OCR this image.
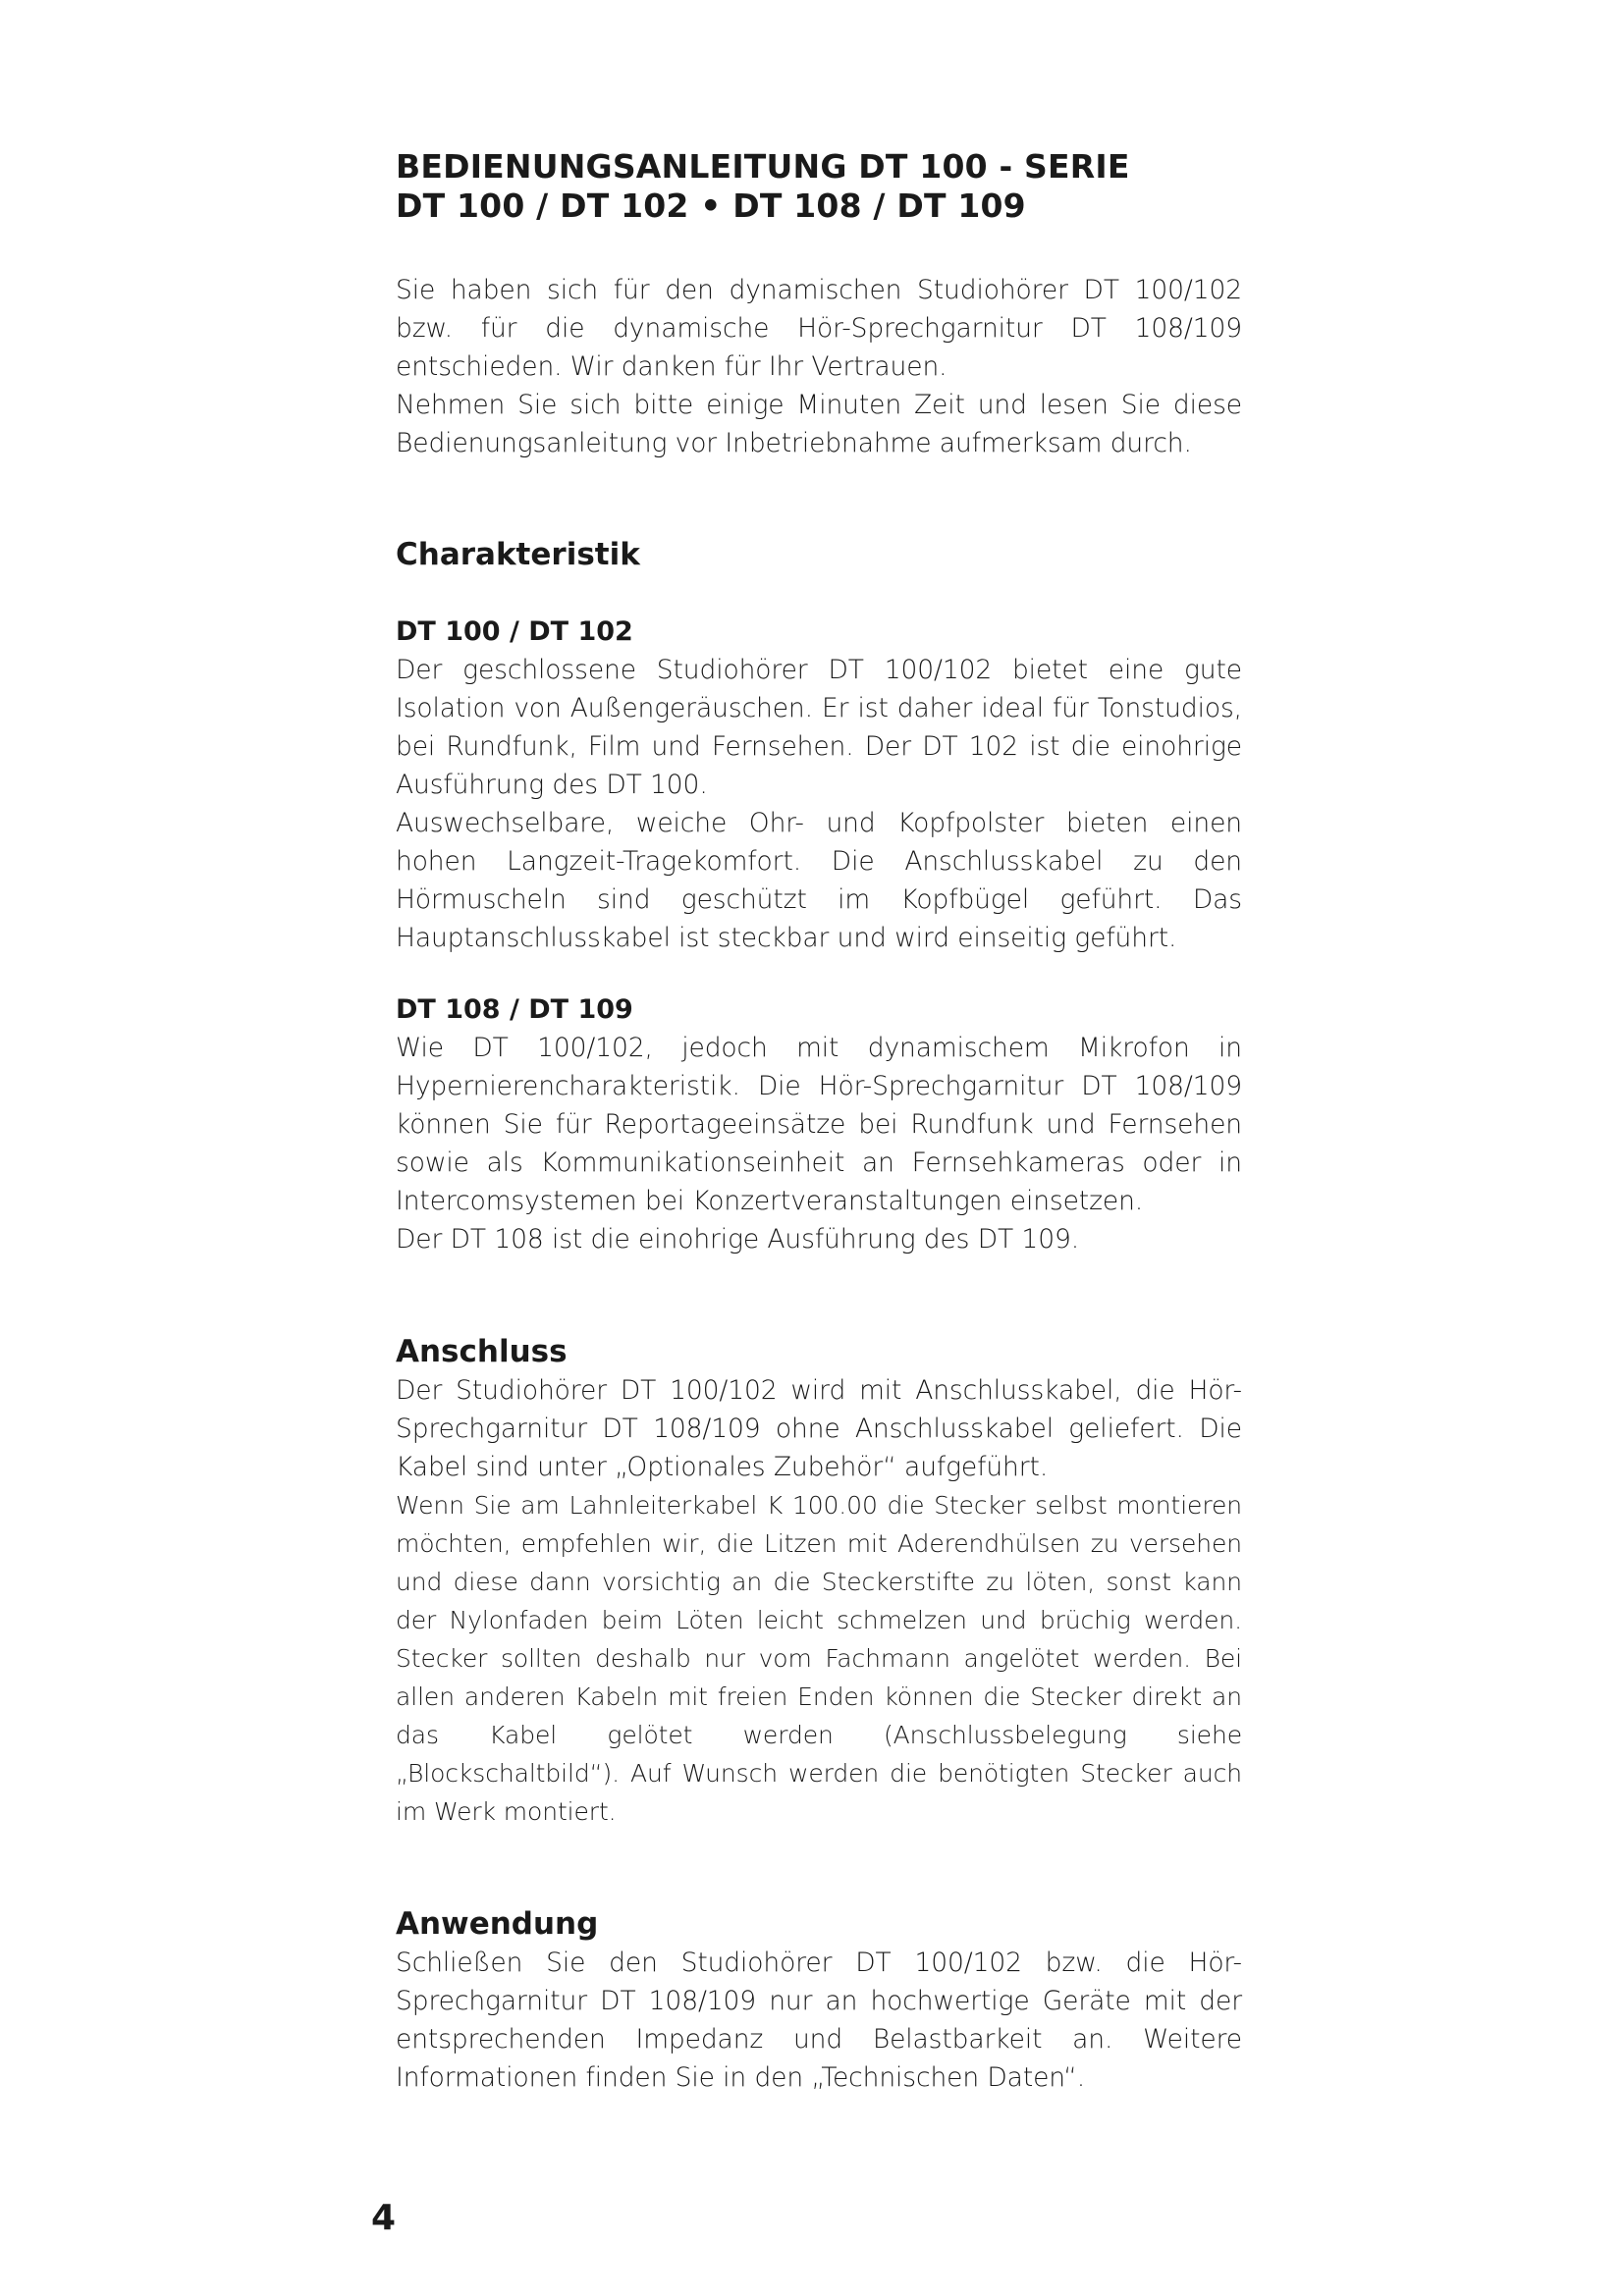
BEDIENUNGSANLEITUNG DT 100 - SERIE
DT 100 / DT 102 • DT 108 / DT 109

Sie haben sich für den dynamischen Studiohörer DT 100/102 bzw. für die dynamische Hör-Sprechgarnitur DT 108/109 entschieden. Wir danken für Ihr Vertrauen.

Nehmen Sie sich bitte einige Minuten Zeit und lesen Sie diese Bedienungsanleitung vor Inbetriebnahme aufmerksam durch.

Charakteristik
DT 100 / DT 102

Der geschlossene Studiohörer DT 100/102 bietet eine gute Isolation von Außengeräuschen. Er ist daher ideal für Tonstudios, bei Rundfunk, Film und Fernsehen. Der DT 102 ist die einohrige Ausführung des DT 100.

Auswechselbare, weiche Ohr- und Kopfpolster bieten einen hohen Langzeit-Tragekomfort. Die Anschlusskabel zu den Hörmuscheln sind geschützt im Kopfbügel geführt. Das Hauptanschlusskabel ist steckbar und wird einseitig geführt.

DT 108 / DT 109

Wie DT 100/102, jedoch mit dynamischem Mikrofon in Hypernierencharakteristik. Die Hör-Sprechgarnitur DT 108/109 können Sie für Reportageeinsätze bei Rundfunk und Fernsehen sowie als Kommunikationseinheit an Fernsehkameras oder in Intercomsystemen bei Konzertveranstaltungen einsetzen.

Der DT 108 ist die einohrige Ausführung des DT 109.

Anschluss

Der Studiohörer DT 100/102 wird mit Anschlusskabel, die Hör-Sprechgarnitur DT 108/109 ohne Anschlusskabel geliefert. Die Kabel sind unter „Optionales Zubehör“ aufgeführt.

Wenn Sie am Lahnleiterkabel K 100.00 die Stecker selbst montieren möchten, empfehlen wir, die Litzen mit Aderendhülsen zu versehen und diese dann vorsichtig an die Steckerstifte zu löten, sonst kann der Nylonfaden beim Löten leicht schmelzen und brüchig werden. Stecker sollten deshalb nur vom Fachmann angelötet werden. Bei allen anderen Kabeln mit freien Enden können die Stecker direkt an das Kabel gelötet werden (Anschlussbelegung siehe „Blockschaltbild“). Auf Wunsch werden die benötigten Stecker auch im Werk montiert.

Anwendung

Schließen Sie den Studiohörer DT 100/102 bzw. die Hör-Sprechgarnitur DT 108/109 nur an hochwertige Geräte mit der entsprechenden Impedanz und Belastbarkeit an. Weitere Informationen finden Sie in den „Technischen Daten“.

4
